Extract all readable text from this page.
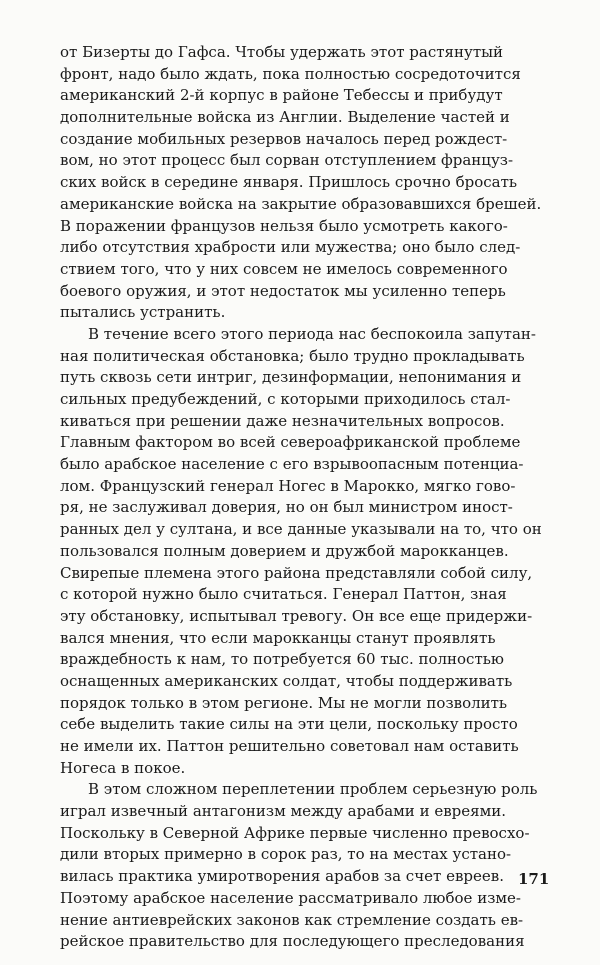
от Бизерты до Гафса. Чтобы удержать этот растянутый
фронт, надо было ждать, пока полностью сосредоточится
американский 2-й корпус в районе Тебессы и прибудут
дополнительные войска из Англии. Выделение частей и
создание мобильных резервов началось перед рождест-
вом, но этот процесс был сорван отступлением француз-
ских войск в середине января. Пришлось срочно бросать
американские войска на закрытие образовавшихся брешей.
В поражении французов нельзя было усмотреть какого-
либо отсутствия храбрости или мужества; оно было след-
ствием того, что у них совсем не имелось современного
боевого оружия, и этот недостаток мы усиленно теперь
пытались устранить.
В течение всего этого периода нас беспокоила запутан-
ная политическая обстановка; было трудно прокладывать
путь сквозь сети интриг, дезинформации, непонимания и
сильных предубеждений, с которыми приходилось стал-
киваться при решении даже незначительных вопросов.
Главным фактором во всей североафриканской проблеме
было арабское население с его взрывоопасным потенциа-
лом. Французский генерал Ногес в Марокко, мягко гово-
ря, не заслуживал доверия, но он был министром иност-
ранных дел у султана, и все данные указывали на то, что он
пользовался полным доверием и дружбой марокканцев.
Свирепые племена этого района представляли собой силу,
с которой нужно было считаться. Генерал Паттон, зная
эту обстановку, испытывал тревогу. Он все еще придержи-
вался мнения, что если марокканцы станут проявлять
враждебность к нам, то потребуется 60 тыс. полностью
оснащенных американских солдат, чтобы поддерживать
порядок только в этом регионе. Мы не могли позволить
себе выделить такие силы на эти цели, поскольку просто
не имели их. Паттон решительно советовал нам оставить
Ногеса в покое.
В этом сложном переплетении проблем серьезную роль
играл извечный антагонизм между арабами и евреями.
Поскольку в Северной Африке первые численно превосхо-
дили вторых примерно в сорок раз, то на местах устано-
вилась практика умиротворения арабов за счет евреев.
Поэтому арабское население рассматривало любое изме-
нение антиеврейских законов как стремление создать ев-
рейское правительство для последующего преследования
171
